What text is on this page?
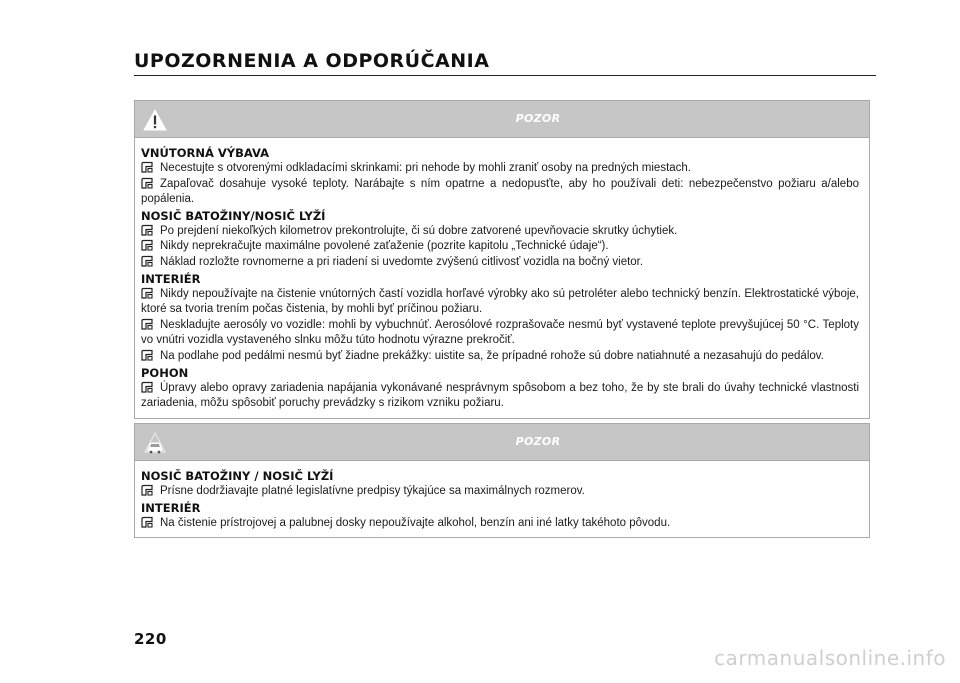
UPOZORNENIA A ODPORÚČANIA
POZOR
VNÚTORNÁ VÝBAVA
Necestujte s otvorenými odkladacími skrinkami: pri nehode by mohli zraniť osoby na predných miestach.
Zapaľovač dosahuje vysoké teploty. Narábajte s ním opatrne a nedopusťte, aby ho používali deti: nebezpečenstvo požiaru a/alebo popálenia.
NOSIČ BATOŽINY/NOSIČ LYŽÍ
Po prejdení niekoľkých kilometrov prekontrolujte, či sú dobre zatvorené upevňovacie skrutky úchytiek.
Nikdy neprekračujte maximálne povolené zaťaženie (pozrite kapitolu „Technické údaje“).
Náklad rozložte rovnomerne a pri riadení si uvedomte zvýšenú citlivosť vozidla na bočný vietor.
INTERIÉR
Nikdy nepoužívajte na čistenie vnútorných častí vozidla horľavé výrobky ako sú petroléter alebo technický benzín. Elektrostatické výboje, ktoré sa tvoria trením počas čistenia, by mohli byť príčinou požiaru.
Neskladujte aerosóly vo vozidle: mohli by vybuchnúť. Aerosólové rozprašovače nesmú byť vystavené teplote prevyšujúcej 50 °C. Teploty vo vnútri vozidla vystaveného slnku môžu túto hodnotu výrazne prekročiť.
Na podlahe pod pedálmi nesmú byť žiadne prekážky: uistite sa, že prípadné rohože sú dobre natiahnuté a nezasahujú do pedálov.
POHON
Úpravy alebo opravy zariadenia napájania vykonávané nesprávnym spôsobom a bez toho, že by ste brali do úvahy technické vlastnosti zariadenia, môžu spôsobiť poruchy prevádzky s rizikom vzniku požiaru.
POZOR
NOSIČ BATOŽINY / NOSIČ LYŽÍ
Prísne dodržiavajte platné legislatívne predpisy týkajúce sa maximálnych rozmerov.
INTERIÉR
Na čistenie prístrojovej a palubnej dosky nepoužívajte alkohol, benzín ani iné latky takéhoto pôvodu.
220
carmanualsonline.info
